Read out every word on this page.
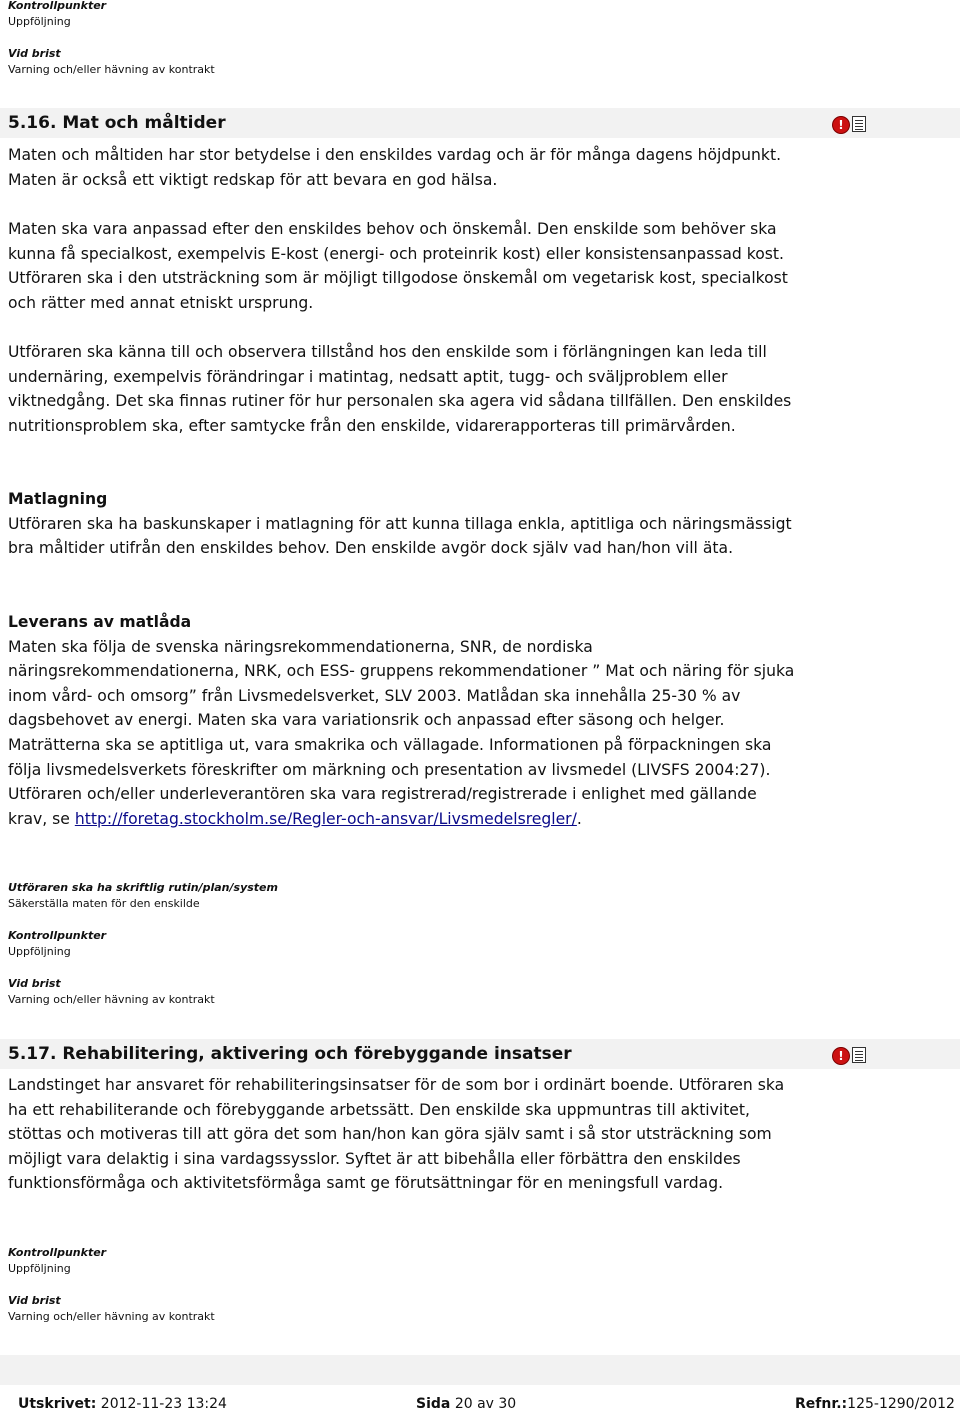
Kontrollpunkter
Uppföljning
Vid brist
Varning och/eller hävning av kontrakt
5.16. Mat och måltider	!

Maten och måltiden har stor betydelse i den enskildes vardag och är för många dagens höjdpunkt. Maten är också ett viktigt redskap för att bevara en god hälsa.

Maten ska vara anpassad efter den enskildes behov och önskemål. Den enskilde som behöver ska kunna få specialkost, exempelvis E-kost (energi- och proteinrik kost) eller konsistensanpassad kost. Utföraren ska i den utsträckning som är möjligt tillgodose önskemål om vegetarisk kost, specialkost och rätter med annat etniskt ursprung.

Utföraren ska känna till och observera tillstånd hos den enskilde som i förlängningen kan leda till undernäring, exempelvis förändringar i matintag, nedsatt aptit, tugg- och sväljproblem eller viktnedgång. Det ska finnas rutiner för hur personalen ska agera vid sådana tillfällen. Den enskildes nutritionsproblem ska, efter samtycke från den enskilde, vidarerapporteras till primärvården.

Matlagning

Utföraren ska ha baskunskaper i matlagning för att kunna tillaga enkla, aptitliga och näringsmässigt bra måltider utifrån den enskildes behov. Den enskilde avgör dock själv vad han/hon vill äta.

Leverans av matlåda

Maten ska följa de svenska näringsrekommendationerna, SNR, de nordiska näringsrekommendationerna, NRK, och ESS- gruppens rekommendationer ” Mat och näring för sjuka inom vård- och omsorg” från Livsmedelsverket, SLV 2003. Matlådan ska innehålla 25-30 % av dagsbehovet av energi. Maten ska vara variationsrik och anpassad efter säsong och helger. Maträtterna ska se aptitliga ut, vara smakrika och vällagade. Informationen på förpackningen ska följa livsmedelsverkets föreskrifter om märkning och presentation av livsmedel (LIVSFS 2004:27). Utföraren och/eller underleverantören ska vara registrerad/registrerade i enlighet med gällande krav, se http://foretag.stockholm.se/Regler-och-ansvar/Livsmedelsregler/.

Utföraren ska ha skriftlig rutin/plan/system
Säkerställa maten för den enskilde
Kontrollpunkter
Uppföljning
Vid brist
Varning och/eller hävning av kontrakt
5.17. Rehabilitering, aktivering och förebyggande insatser	!

Landstinget har ansvaret för rehabiliteringsinsatser för de som bor i ordinärt boende. Utföraren ska ha ett rehabiliterande och förebyggande arbetssätt. Den enskilde ska uppmuntras till aktivitet, stöttas och motiveras till att göra det som han/hon kan göra själv samt i så stor utsträckning som möjligt vara delaktig i sina vardagssysslor. Syftet är att bibehålla eller förbättra den enskildes funktionsförmåga och aktivitetsförmåga samt ge förutsättningar för en meningsfull vardag.

Kontrollpunkter
Uppföljning
Vid brist
Varning och/eller hävning av kontrakt
Utskrivet: 2012-11-23 13:24	Sida 20 av 30	Refnr.:125-1290/2012
